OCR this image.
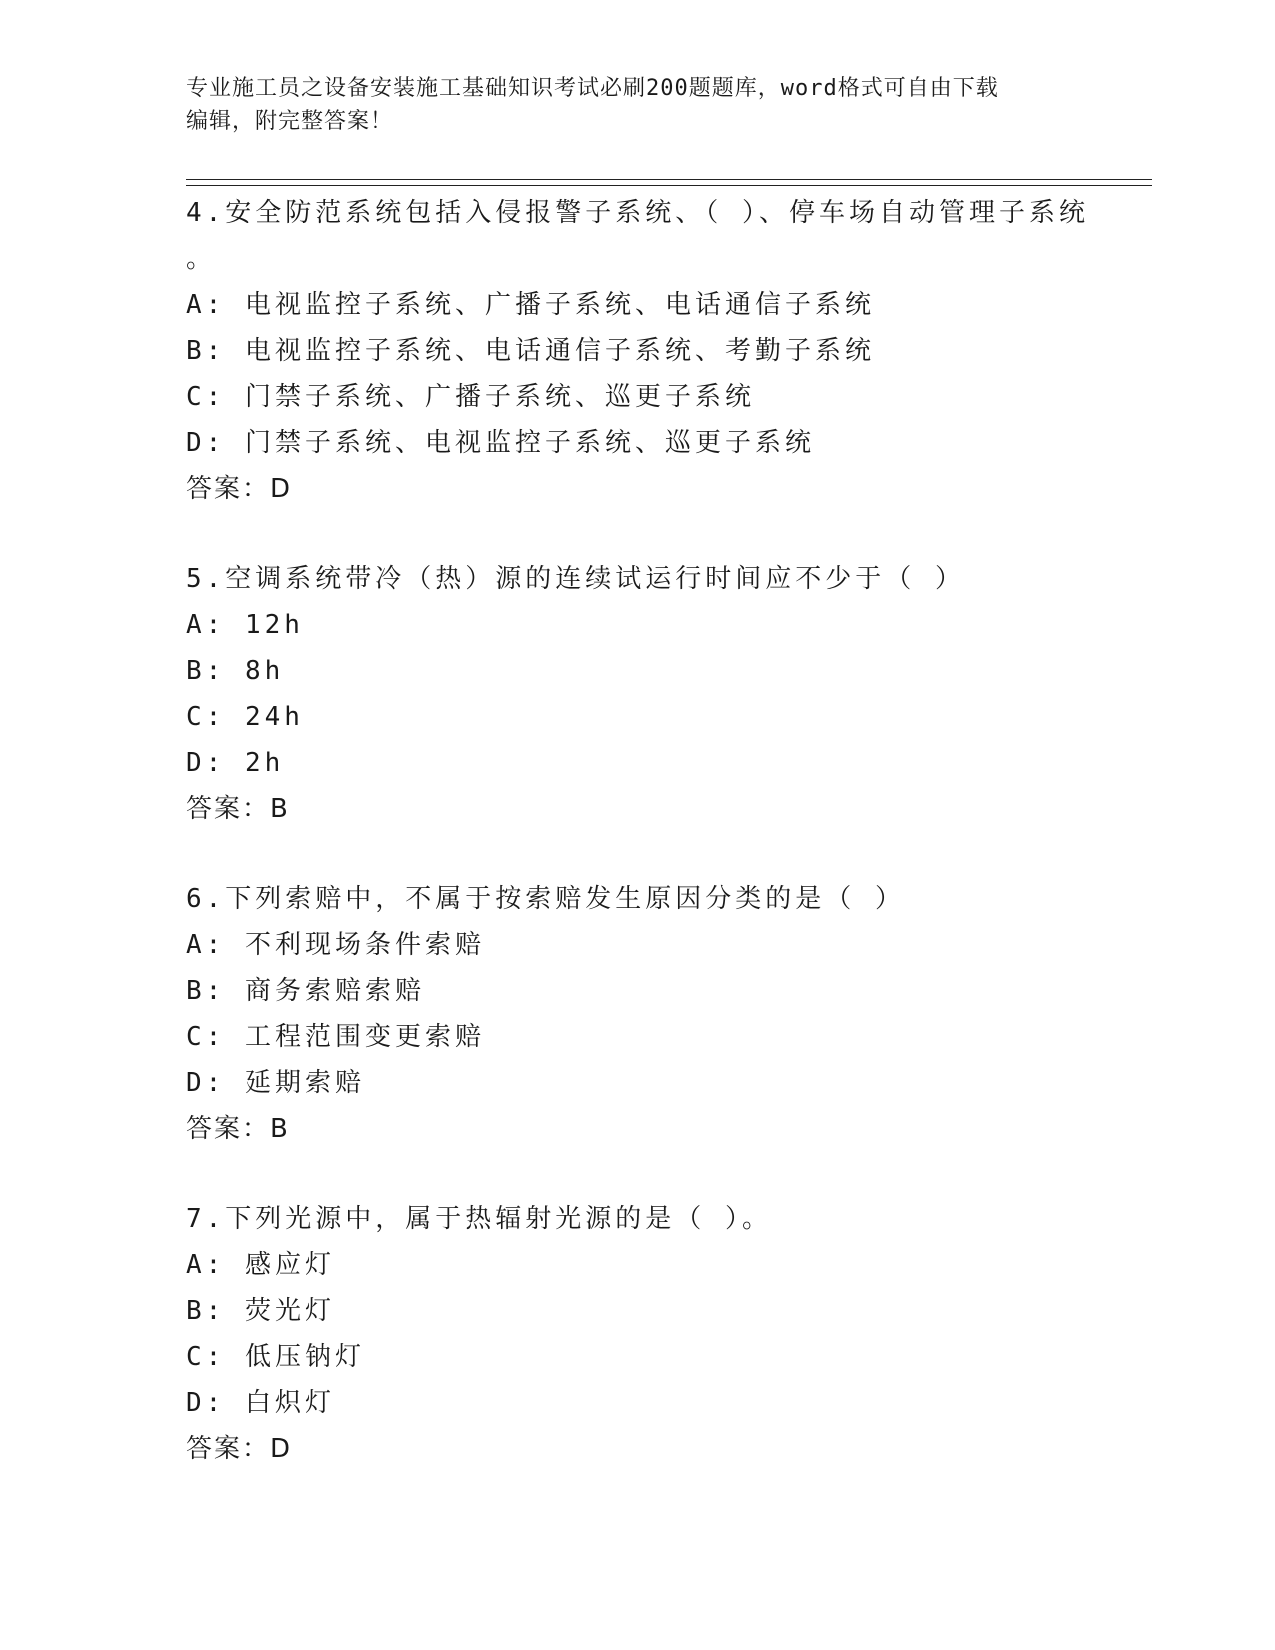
专业施工员之设备安装施工基础知识考试必刷200题题库，word格式可自由下载
编辑，附完整答案！

4.安全防范系统包括入侵报警子系统、（ ）、停车场自动管理子系统
。

A: 电视监控子系统、广播子系统、电话通信子系统

B: 电视监控子系统、电话通信子系统、考勤子系统

C: 门禁子系统、广播子系统、巡更子系统

D: 门禁子系统、电视监控子系统、巡更子系统

答案：D

5.空调系统带冷（热）源的连续试运行时间应不少于（ ）

A: 12h

B: 8h

C: 24h

D: 2h

答案：B

6.下列索赔中，不属于按索赔发生原因分类的是（ ）

A: 不利现场条件索赔

B: 商务索赔索赔

C: 工程范围变更索赔

D: 延期索赔

答案：B

7.下列光源中，属于热辐射光源的是（ ）。

A: 感应灯

B: 荧光灯

C: 低压钠灯

D: 白炽灯

答案：D
